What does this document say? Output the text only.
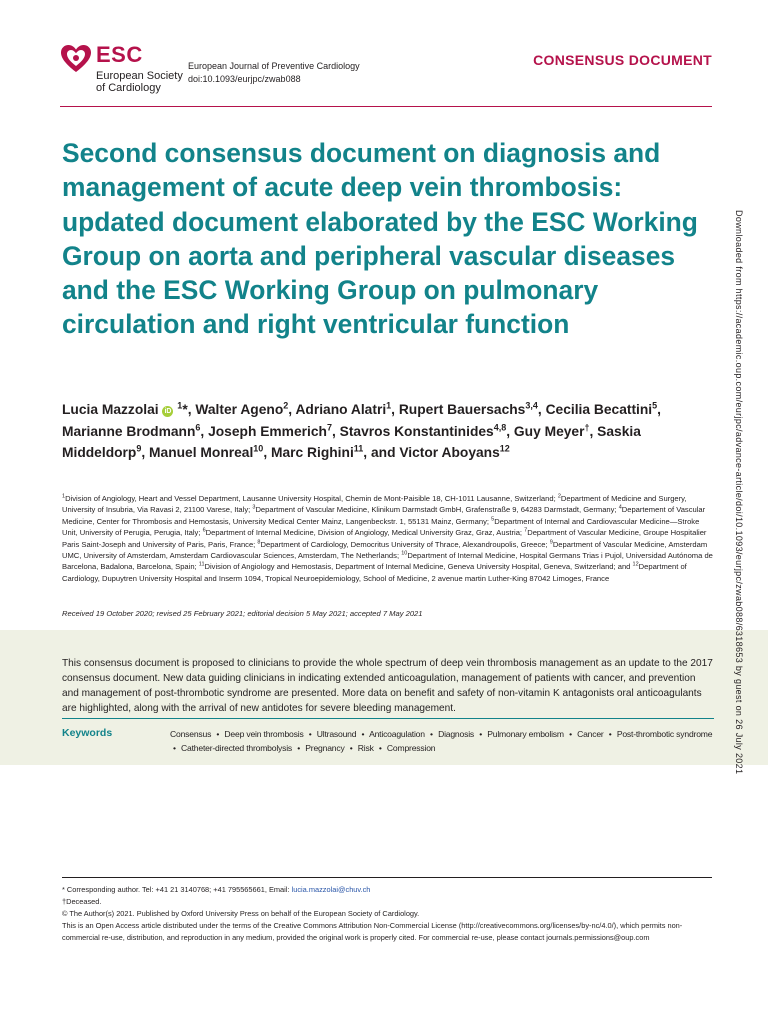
ESC
European Society
of Cardiology
European Journal of Preventive Cardiology
doi:10.1093/eurjpc/zwab088
CONSENSUS DOCUMENT
Second consensus document on diagnosis and management of acute deep vein thrombosis: updated document elaborated by the ESC Working Group on aorta and peripheral vascular diseases and the ESC Working Group on pulmonary circulation and right ventricular function
Lucia Mazzolai iD $^1$*, Walter Ageno$^2$, Adriano Alatri$^1$, Rupert Bauersachs$^{3,4}$, Cecilia Becattini$^5$, Marianne Brodmann$^6$, Joseph Emmerich$^7$, Stavros Konstantinides$^{4,8}$, Guy Meyer†, Saskia Middeldorp$^9$, Manuel Monreal$^{10}$, Marc Righini$^{11}$, and Victor Aboyans$^{12}$
$^1$Division of Angiology, Heart and Vessel Department, Lausanne University Hospital, Chemin de Mont-Paisible 18, CH-1011 Lausanne, Switzerland; $^2$Department of Medicine and Surgery, University of Insubria, Via Ravasi 2, 21100 Varese, Italy; $^3$Department of Vascular Medicine, Klinikum Darmstadt GmbH, Grafenstraße 9, 64283 Darmstadt, Germany; $^4$Departement of Vascular Medicine, Center for Thrombosis and Hemostasis, University Medical Center Mainz, Langenbeckstr. 1, 55131 Mainz, Germany; $^5$Department of Internal and Cardiovascular Medicine—Stroke Unit, University of Perugia, Perugia, Italy; $^6$Department of Internal Medicine, Division of Angiology, Medical University Graz, Graz, Austria; $^7$Department of Vascular Medicine, Groupe Hospitalier Paris Saint-Joseph and University of Paris, Paris, France; $^8$Department of Cardiology, Democritus University of Thrace, Alexandroupolis, Greece; $^9$Department of Vascular Medicine, Amsterdam UMC, University of Amsterdam, Amsterdam Cardiovascular Sciences, Amsterdam, The Netherlands; $^{10}$Department of Internal Medicine, Hospital Germans Trias i Pujol, Universidad Autónoma de Barcelona, Badalona, Barcelona, Spain; $^{11}$Division of Angiology and Hemostasis, Department of Internal Medicine, Geneva University Hospital, Geneva, Switzerland; and $^{12}$Department of Cardiology, Dupuytren University Hospital and Inserm 1094, Tropical Neuroepidemiology, School of Medicine, 2 avenue martin Luther-King 87042 Limoges, France
Received 19 October 2020; revised 25 February 2021; editorial decision 5 May 2021; accepted 7 May 2021
This consensus document is proposed to clinicians to provide the whole spectrum of deep vein thrombosis management as an update to the 2017 consensus document. New data guiding clinicians in indicating extended anticoagulation, management of patients with cancer, and prevention and management of post-thrombotic syndrome are presented. More data on benefit and safety of non-vitamin K antagonists oral anticoagulants are highlighted, along with the arrival of new antidotes for severe bleeding management.
Keywords	Consensus • Deep vein thrombosis • Ultrasound • Anticoagulation • Diagnosis • Pulmonary embolism • Cancer • Post-thrombotic syndrome • Catheter-directed thrombolysis • Pregnancy • Risk • Compression
* Corresponding author. Tel: +41 21 3140768; +41 795565661, Email: lucia.mazzolai@chuv.ch
†Deceased.
© The Author(s) 2021. Published by Oxford University Press on behalf of the European Society of Cardiology.
This is an Open Access article distributed under the terms of the Creative Commons Attribution Non-Commercial License (http://creativecommons.org/licenses/by-nc/4.0/), which permits non-commercial re-use, distribution, and reproduction in any medium, provided the original work is properly cited. For commercial re-use, please contact journals.permissions@oup.com
Downloaded from https://academic.oup.com/eurjpc/advance-article/doi/10.1093/eurjpc/zwab088/6318653 by guest on 26 July 2021
